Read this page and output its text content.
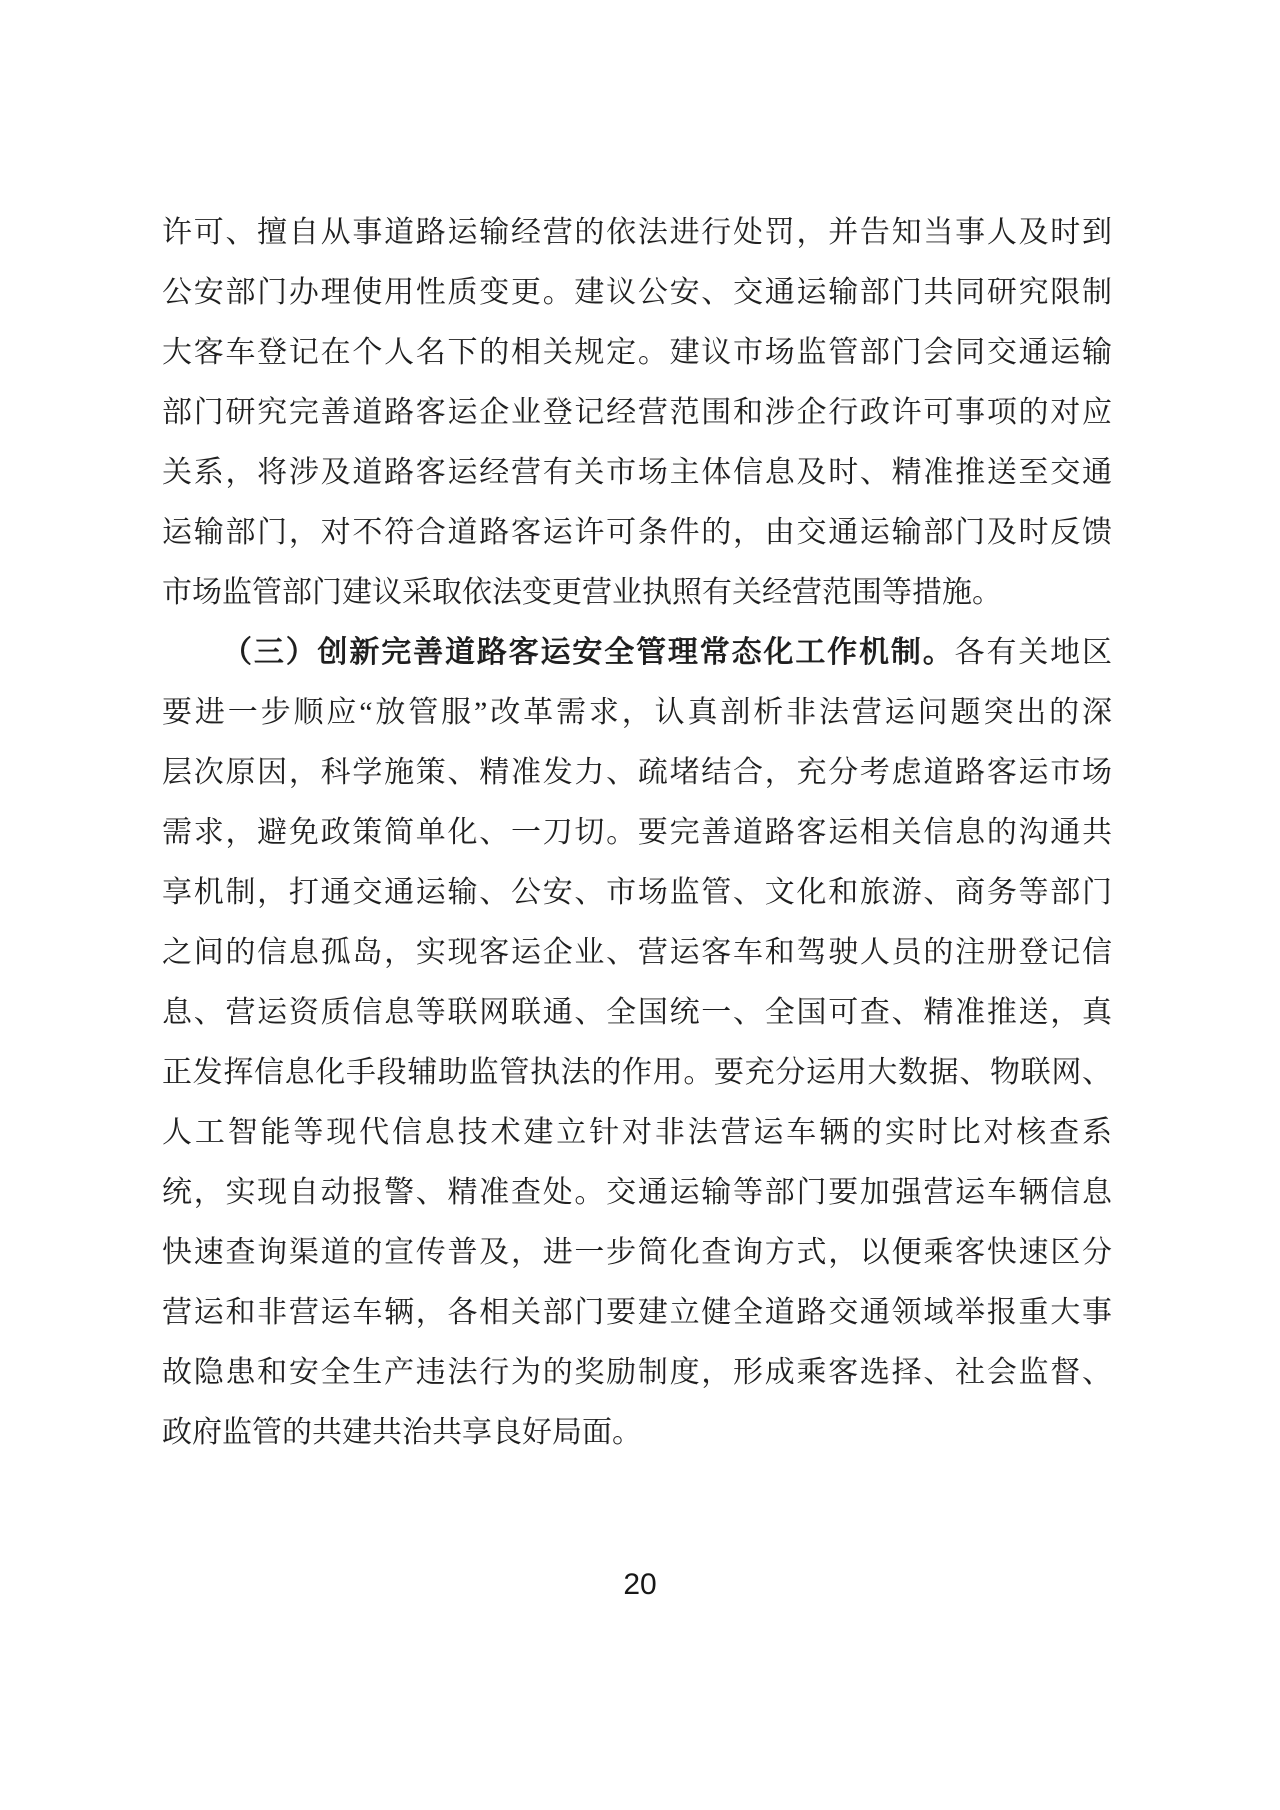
许可、擅自从事道路运输经营的依法进行处罚，并告知当事人及时到
公安部门办理使用性质变更。建议公安、交通运输部门共同研究限制
大客车登记在个人名下的相关规定。建议市场监管部门会同交通运输
部门研究完善道路客运企业登记经营范围和涉企行政许可事项的对应
关系，将涉及道路客运经营有关市场主体信息及时、精准推送至交通
运输部门，对不符合道路客运许可条件的，由交通运输部门及时反馈
市场监管部门建议采取依法变更营业执照有关经营范围等措施。
（三）创新完善道路客运安全管理常态化工作机制。各有关地区
要进一步顺应“放管服”改革需求，认真剖析非法营运问题突出的深
层次原因，科学施策、精准发力、疏堵结合，充分考虑道路客运市场
需求，避免政策简单化、一刀切。要完善道路客运相关信息的沟通共
享机制，打通交通运输、公安、市场监管、文化和旅游、商务等部门
之间的信息孤岛，实现客运企业、营运客车和驾驶人员的注册登记信
息、营运资质信息等联网联通、全国统一、全国可查、精准推送，真
正发挥信息化手段辅助监管执法的作用。要充分运用大数据、物联网、
人工智能等现代信息技术建立针对非法营运车辆的实时比对核查系
统，实现自动报警、精准查处。交通运输等部门要加强营运车辆信息
快速查询渠道的宣传普及，进一步简化查询方式，以便乘客快速区分
营运和非营运车辆，各相关部门要建立健全道路交通领域举报重大事
故隐患和安全生产违法行为的奖励制度，形成乘客选择、社会监督、
政府监管的共建共治共享良好局面。
20
